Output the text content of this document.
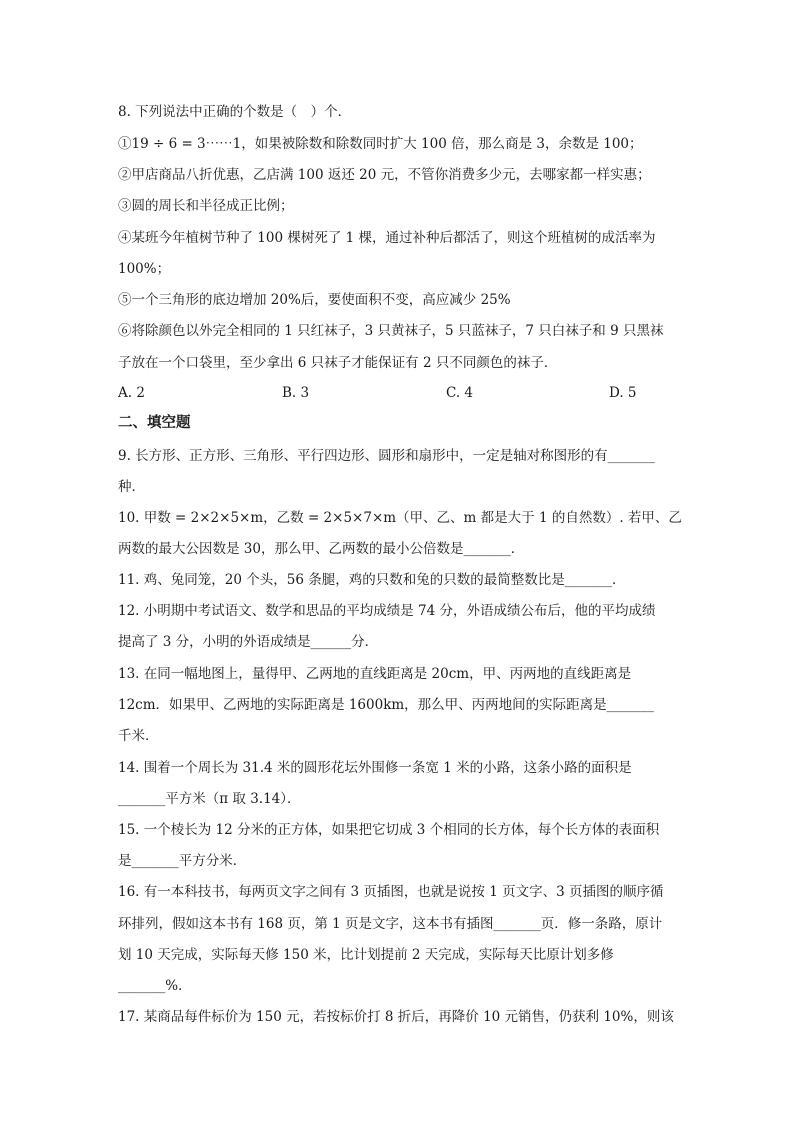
8. 下列说法中正确的个数是（　）个．
①19 ÷ 6 = 3⋯⋯1，如果被除数和除数同时扩大 100 倍，那么商是 3，余数是 100；
②甲店商品八折优惠，乙店满 100 返还 20 元，不管你消费多少元，去哪家都一样实惠；
③圆的周长和半径成正比例；
④某班今年植树节种了 100 棵树死了 1 棵，通过补种后都活了，则这个班植树的成活率为
100%；
⑤一个三角形的底边增加 20%后，要使面积不变，高应减少 25%
⑥将除颜色以外完全相同的 1 只红袜子，3 只黄袜子，5 只蓝袜子，7 只白袜子和 9 只黑袜
子放在一个口袋里，至少拿出 6 只袜子才能保证有 2 只不同颜色的袜子．
A. 2	B. 3	C. 4	D. 5
二、填空题
9. 长方形、正方形、三角形、平行四边形、圆形和扇形中，一定是轴对称图形的有_______
种．
10. 甲数 = 2×2×5×m，乙数 = 2×5×7×m（甲、乙、m 都是大于 1 的自然数）. 若甲、乙
两数的最大公因数是 30，那么甲、乙两数的最小公倍数是_______．
11. 鸡、兔同笼，20 个头，56 条腿，鸡的只数和兔的只数的最简整数比是_______．
12. 小明期中考试语文、数学和思品的平均成绩是 74 分，外语成绩公布后，他的平均成绩
提高了 3 分，小明的外语成绩是______分．
13. 在同一幅地图上，量得甲、乙两地的直线距离是 20cm，甲、丙两地的直线距离是
12cm．如果甲、乙两地的实际距离是 1600km，那么甲、丙两地间的实际距离是_______
千米．
14. 围着一个周长为 31.4 米的圆形花坛外围修一条宽 1 米的小路，这条小路的面积是
_______平方米（π 取 3.14）．
15. 一个棱长为 12 分米的正方体，如果把它切成 3 个相同的长方体，每个长方体的表面积
是_______平方分米．
16. 有一本科技书，每两页文字之间有 3 页插图，也就是说按 1 页文字、3 页插图的顺序循
环排列，假如这本书有 168 页，第 1 页是文字，这本书有插图_______页．修一条路，原计
划 10 天完成，实际每天修 150 米，比计划提前 2 天完成，实际每天比原计划多修
_______%．
17. 某商品每件标价为 150 元，若按标价打 8 折后，再降价 10 元销售，仍获利 10%，则该
